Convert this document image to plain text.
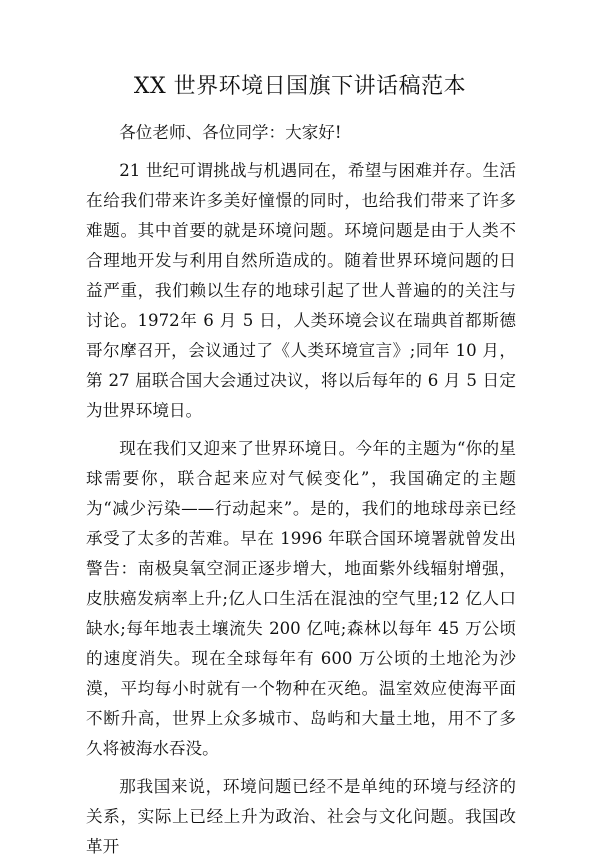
XX 世界环境日国旗下讲话稿范本

各位老师、各位同学：大家好!

21 世纪可谓挑战与机遇同在，希望与困难并存。生活在给我们带来许多美好憧憬的同时，也给我们带来了许多难题。其中首要的就是环境问题。环境问题是由于人类不合理地开发与利用自然所造成的。随着世界环境问题的日益严重，我们赖以生存的地球引起了世人普遍的的关注与讨论。1972年 6 月 5 日，人类环境会议在瑞典首都斯德哥尔摩召开，会议通过了《人类环境宣言》;同年 10 月，第 27 届联合国大会通过决议，将以后每年的 6 月 5 日定为世界环境日。

现在我们又迎来了世界环境日。今年的主题为“你的星球需要你，联合起来应对气候变化”，我国确定的主题为“减少污染——行动起来”。是的，我们的地球母亲已经承受了太多的苦难。早在 1996 年联合国环境署就曾发出警告：南极臭氧空洞正逐步增大，地面紫外线辐射增强，皮肤癌发病率上升;亿人口生活在混浊的空气里;12 亿人口缺水;每年地表土壤流失 200 亿吨;森林以每年 45 万公顷的速度消失。现在全球每年有 600 万公顷的土地沦为沙漠，平均每小时就有一个物种在灭绝。温室效应使海平面不断升高，世界上众多城市、岛屿和大量土地，用不了多久将被海水吞没。

那我国来说，环境问题已经不是单纯的环境与经济的关系，实际上已经上升为政治、社会与文化问题。我国改革开
